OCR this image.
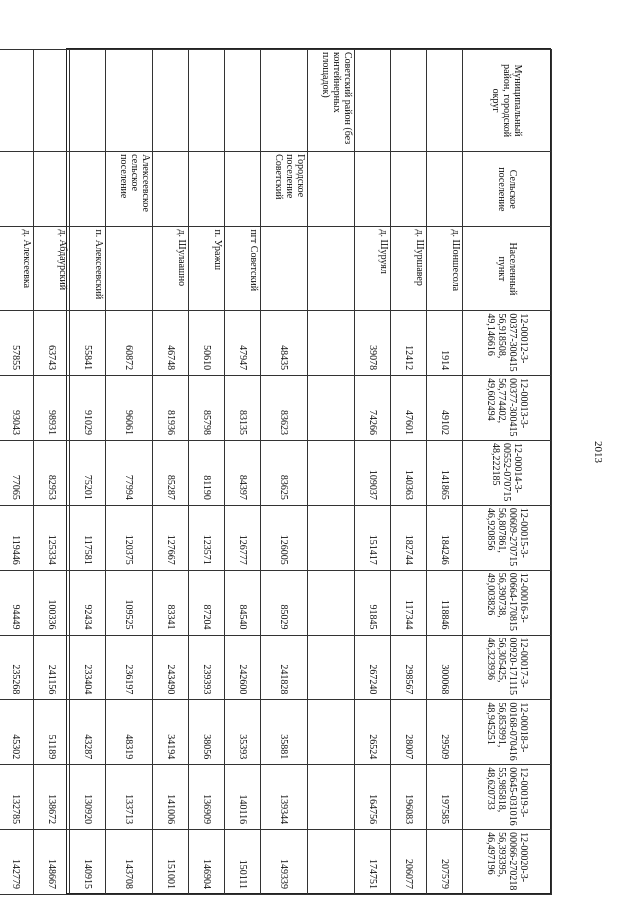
2013
Муниципальный район, городской округ	Сельское поселение	Населенный пункт	12-00012-3-00377-300415 56,918508, 49,146616	12-00013-3-00377-300415 56,774402, 49,602494	12-00014-3-00552-070715 48,222185	12-00015-3-00609-270715 56,807861, 46,920856	12-00016-3-00664-170815 56,390738, 49,003826	12-00017-3-00920-171115 56,305425, 46,323936	12-00018-3-00168-070416 56,853991, 48,945251	12-00019-3-00645-031016 55,985818, 48,620733	12-00020-3-00066-270218 56,393395, 46,497196
		д. Шоншесола	1914	49102	141865	184246	118846	300068	29509	197585	207579
		д. Шуршавер	12412	47601	140363	182744	117344	298567	28007	196083	206077
		д. Шуруял	39078	74266	109037	151417	91845	267240	26524	164756	174751
Советский район (без контейнерных площадок)											
	Городское поселение Советский		48435	83623	83625	126005	85029	241828	35881	139344	149339
		пгт Советский	47947	83135	84397	126777	84540	242600	35393	140116	150111
		п. Уражш	50610	85798	81190	123571	87204	239393	38056	136909	146904
		д. Шулаашно	46748	81936	85287	127667	83341	243490	34194	141006	151001
	Алексеевское сельское поселение		60872	96061	77994	120375	109525	236197	48319	133713	143708
		п. Алексеевский	55841	91029	75201	117581	92434	233404	43287	130920	140915
		д. Абдаурский	63743	98931	82953	125334	100336	241156	51189	138672	148667
		д. Алексеевка	57855	93043	77065	119446	94449	235268	45302	132785	142779
